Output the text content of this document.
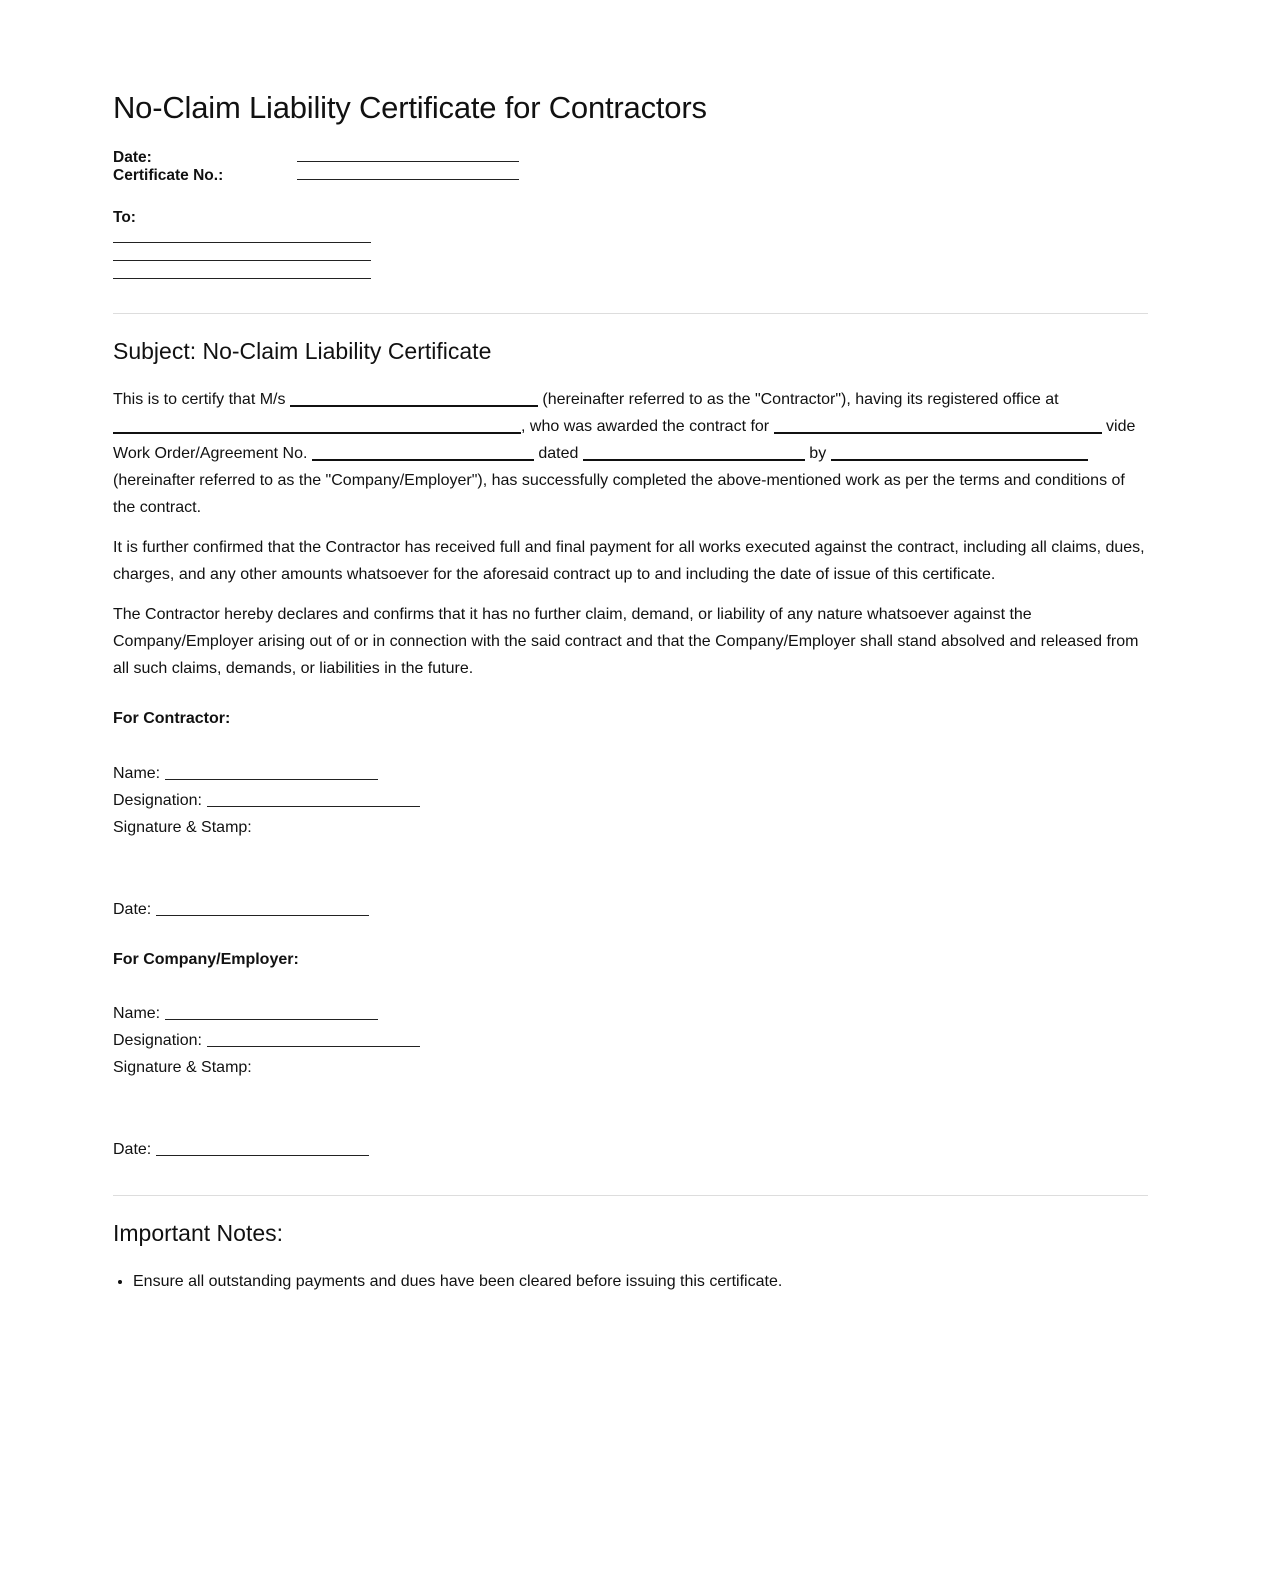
No-Claim Liability Certificate for Contractors
Date:
Certificate No.:
To:
Subject: No-Claim Liability Certificate

This is to certify that M/s	(hereinafter referred to as the "Contractor"), having its registered office at , who was awarded the contract for	vide Work Order/Agreement No.	dated	by  (hereinafter referred to as the "Company/Employer"), has successfully completed the above-mentioned work as per the terms and conditions of the contract.

It is further confirmed that the Contractor has received full and final payment for all works executed against the contract, including all claims, dues, charges, and any other amounts whatsoever for the aforesaid contract up to and including the date of issue of this certificate.

The Contractor hereby declares and confirms that it has no further claim, demand, or liability of any nature whatsoever against the Company/Employer arising out of or in connection with the said contract and that the Company/Employer shall stand absolved and released from all such claims, demands, or liabilities in the future.

For Contractor:
Name:
Designation:
Signature & Stamp:
Date:
For Company/Employer:
Name:
Designation:
Signature & Stamp:
Date:
Important Notes:
• Ensure all outstanding payments and dues have been cleared before issuing this certificate.
